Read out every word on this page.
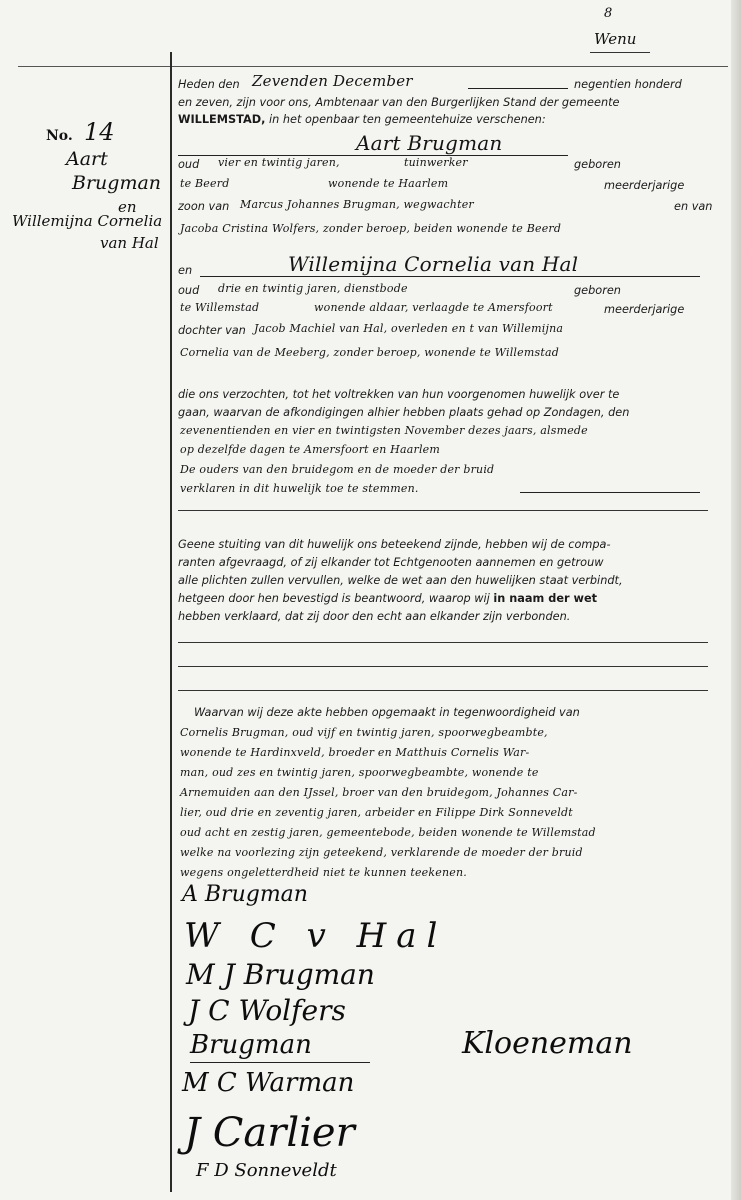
8
Wenu
No. 14
Aart
Brugman
en
Willemijna Cornelia
van Hal
Heden den Zevenden December	negentien honderd
en zeven, zijn voor ons, Ambtenaar van den Burgerlijken Stand der gemeente
WILLEMSTAD, in het openbaar ten gemeentehuize verschenen:
Aart Brugman
oud vier en twintig jaren,	tuinwerker	geboren
te Beerd	wonende te Haarlem	meerderjarige
zoon van Marcus Johannes Brugman, wegwachter	en van
Jacoba Cristina Wolfers, zonder beroep, beiden wonende te Beerd
en	Willemijna Cornelia van Hal
oud drie en twintig jaren, dienstbode	geboren
te Willemstad	wonende aldaar, verlaagde te Amersfoort	meerderjarige
dochter van Jacob Machiel van Hal, overleden en t van Willemijna
Cornelia van de Meeberg, zonder beroep, wonende te Willemstad
die ons verzochten, tot het voltrekken van hun voorgenomen huwelijk over te
gaan, waarvan de afkondigingen alhier hebben plaats gehad op Zondagen, den
zevenentienden en vier en twintigsten November dezes jaars, alsmede
op dezelfde dagen te Amersfoort en Haarlem
De ouders van den bruidegom en de moeder der bruid
verklaren in dit huwelijk toe te stemmen.
Geene stuiting van dit huwelijk ons beteekend zijnde, hebben wij de compa-
ranten afgevraagd, of zij elkander tot Echtgenooten aannemen en getrouw
alle plichten zullen vervullen, welke de wet aan den huwelijken staat verbindt,
hetgeen door hen bevestigd is beantwoord, waarop wij in naam der wet
hebben verklaard, dat zij door den echt aan elkander zijn verbonden.
Waarvan wij deze akte hebben opgemaakt in tegenwoordigheid van
Cornelis Brugman, oud vijf en twintig jaren, spoorwegbeambte,
wonende te Hardinxveld, broeder en Matthuis Cornelis War-
man, oud zes en twintig jaren, spoorwegbeambte, wonende te
Arnemuiden aan den IJssel, broer van den bruidegom, Johannes Car-
lier, oud drie en zeventig jaren, arbeider en Filippe Dirk Sonneveldt
oud acht en zestig jaren, gemeentebode, beiden wonende te Willemstad
welke na voorlezing zijn geteekend, verklarende de moeder der bruid
wegens ongeletterdheid niet te kunnen teekenen.
A Brugman
W C v Hal
M J Brugman
J C Wolfers
Brugman	Kloeneman
M C Warman
J Carlier
F D Sonneveldt
